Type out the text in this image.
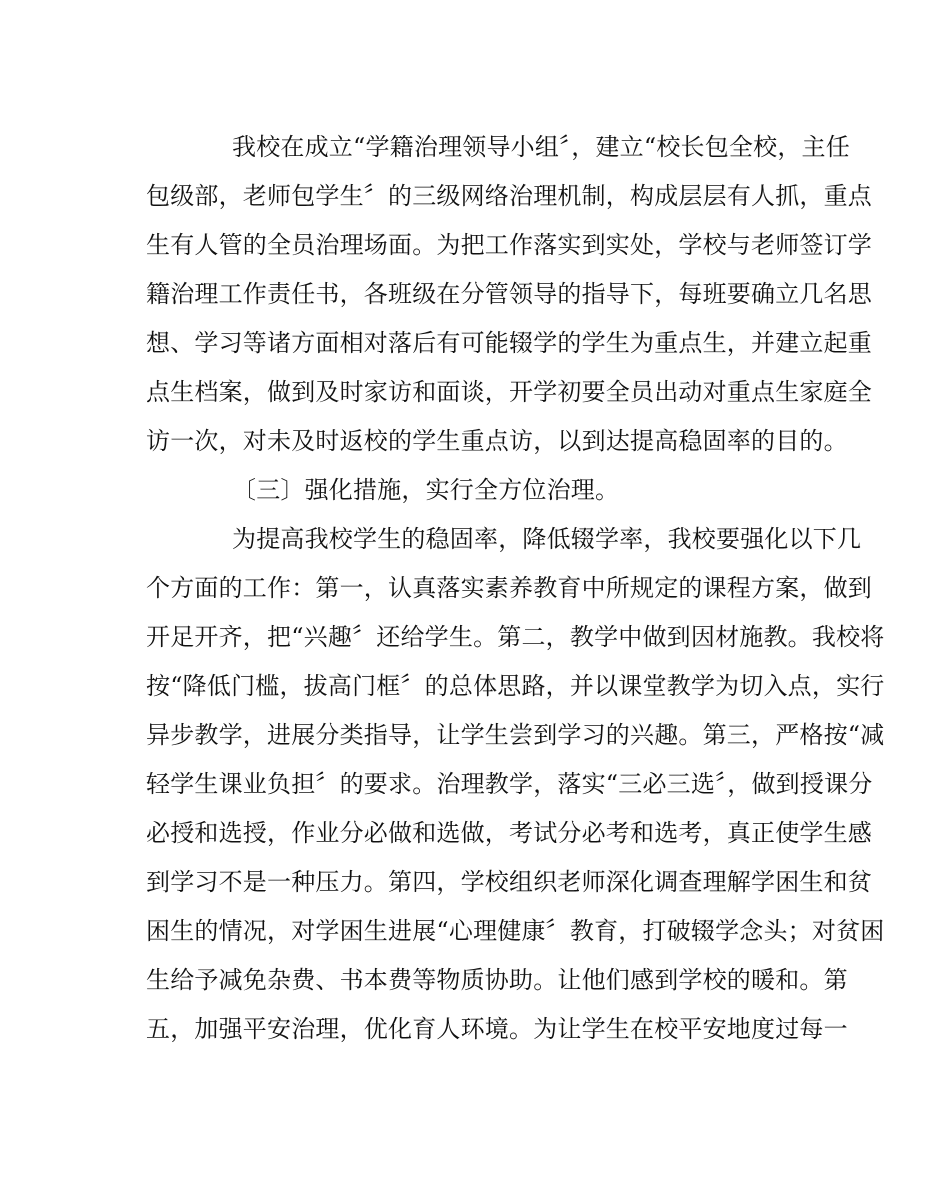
我校在成立“学籍治理领导小组〞，建立“校长包全校，主任
包级部，老师包学生〞的三级网络治理机制，构成层层有人抓，重点
生有人管的全员治理场面。为把工作落实到实处，学校与老师签订学
籍治理工作责任书，各班级在分管领导的指导下，每班要确立几名思
想、学习等诸方面相对落后有可能辍学的学生为重点生，并建立起重
点生档案，做到及时家访和面谈，开学初要全员出动对重点生家庭全
访一次，对未及时返校的学生重点访，以到达提高稳固率的目的。
〔三〕强化措施，实行全方位治理。
为提高我校学生的稳固率，降低辍学率，我校要强化以下几
个方面的工作：第一，认真落实素养教育中所规定的课程方案，做到
开足开齐，把“兴趣〞还给学生。第二，教学中做到因材施教。我校将
按“降低门槛，拔高门框〞的总体思路，并以课堂教学为切入点，实行
异步教学，进展分类指导，让学生尝到学习的兴趣。第三，严格按“减
轻学生课业负担〞的要求。治理教学，落实“三必三选〞，做到授课分
必授和选授，作业分必做和选做，考试分必考和选考，真正使学生感
到学习不是一种压力。第四，学校组织老师深化调查理解学困生和贫
困生的情况，对学困生进展“心理健康〞教育，打破辍学念头；对贫困
生给予减免杂费、书本费等物质协助。让他们感到学校的暖和。第
五，加强平安治理，优化育人环境。为让学生在校平安地度过每一
